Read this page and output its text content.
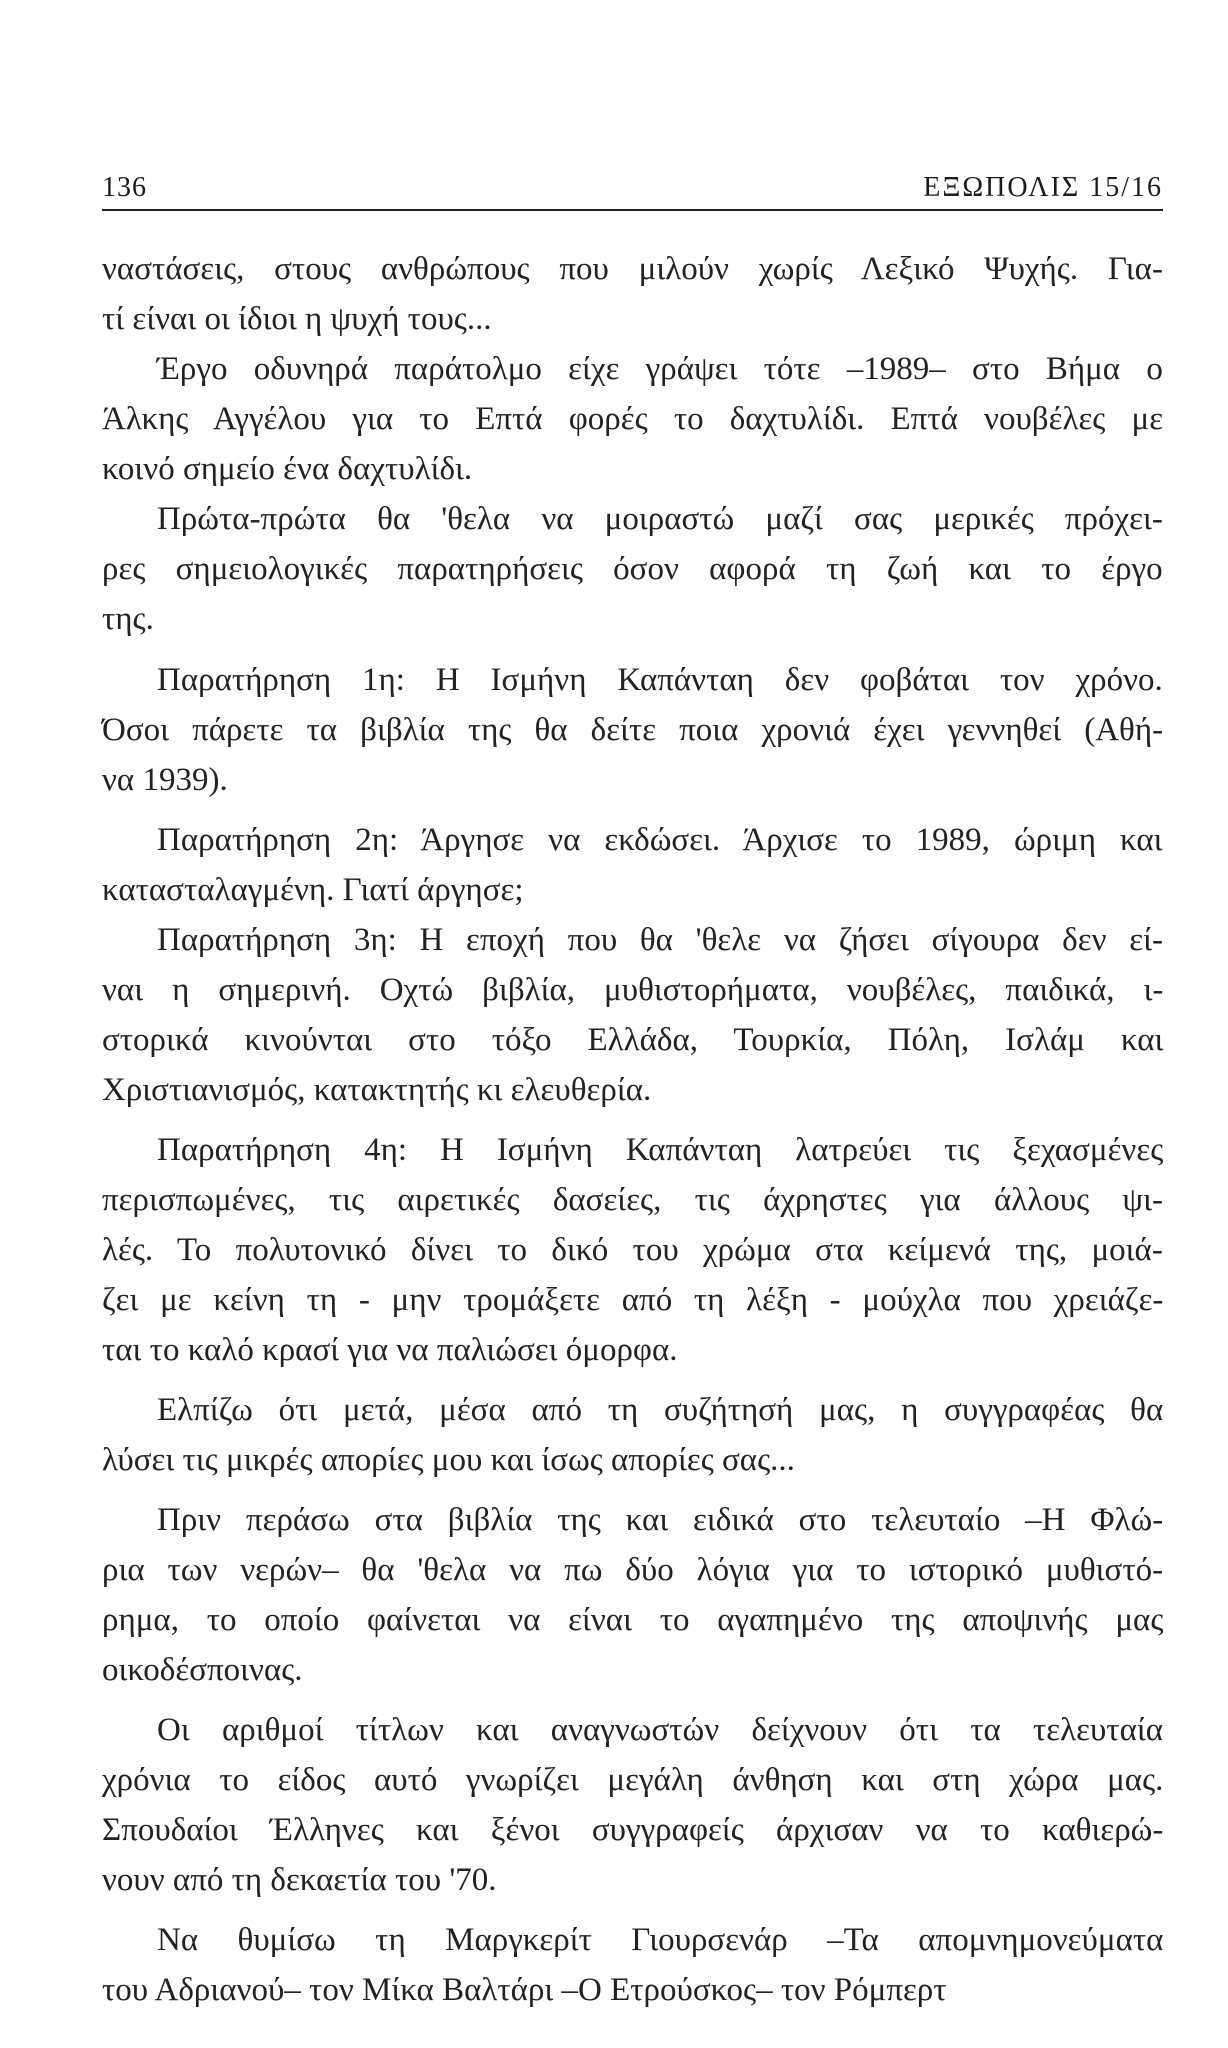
136	ΕΞΩΠΟΛΙΣ 15/16
ναστάσεις, στους ανθρώπους που μιλούν χωρίς Λεξικό Ψυχής. Για-
τί είναι οι ίδιοι η ψυχή τους...
Έργο οδυνηρά παράτολμο είχε γράψει τότε –1989– στο Βήμα ο
Άλκης Αγγέλου για το Επτά φορές το δαχτυλίδι. Επτά νουβέλες με
κοινό σημείο ένα δαχτυλίδι.
Πρώτα-πρώτα θα 'θελα να μοιραστώ μαζί σας μερικές πρόχει-
ρες σημειολογικές παρατηρήσεις όσον αφορά τη ζωή και το έργο
της.
Παρατήρηση 1η: Η Ισμήνη Καπάνταη δεν φοβάται τον χρόνο.
Όσοι πάρετε τα βιβλία της θα δείτε ποια χρονιά έχει γεννηθεί (Αθή-
να 1939).
Παρατήρηση 2η: Άργησε να εκδώσει. Άρχισε το 1989, ώριμη και
κατασταλαγμένη. Γιατί άργησε;
Παρατήρηση 3η: Η εποχή που θα 'θελε να ζήσει σίγουρα δεν εί-
ναι η σημερινή. Οχτώ βιβλία, μυθιστορήματα, νουβέλες, παιδικά, ι-
στορικά κινούνται στο τόξο Ελλάδα, Τουρκία, Πόλη, Ισλάμ και
Χριστιανισμός, κατακτητής κι ελευθερία.
Παρατήρηση 4η: Η Ισμήνη Καπάνταη λατρεύει τις ξεχασμένες
περισπωμένες, τις αιρετικές δασείες, τις άχρηστες για άλλους ψι-
λές. Το πολυτονικό δίνει το δικό του χρώμα στα κείμενά της, μοιά-
ζει με κείνη τη - μην τρομάξετε από τη λέξη - μούχλα που χρειάζε-
ται το καλό κρασί για να παλιώσει όμορφα.
Ελπίζω ότι μετά, μέσα από τη συζήτησή μας, η συγγραφέας θα
λύσει τις μικρές απορίες μου και ίσως απορίες σας...
Πριν περάσω στα βιβλία της και ειδικά στο τελευταίο –Η Φλώ-
ρια των νερών– θα 'θελα να πω δύο λόγια για το ιστορικό μυθιστό-
ρημα, το οποίο φαίνεται να είναι το αγαπημένο της αποψινής μας
οικοδέσποινας.
Οι αριθμοί τίτλων και αναγνωστών δείχνουν ότι τα τελευταία
χρόνια το είδος αυτό γνωρίζει μεγάλη άνθηση και στη χώρα μας.
Σπουδαίοι Έλληνες και ξένοι συγγραφείς άρχισαν να το καθιερώ-
νουν από τη δεκαετία του '70.
Να θυμίσω τη Μαργκερίτ Γιουρσενάρ –Τα απομνημονεύματα
του Αδριανού– τον Μίκα Βαλτάρι –Ο Ετρούσκος– τον Ρόμπερτ
